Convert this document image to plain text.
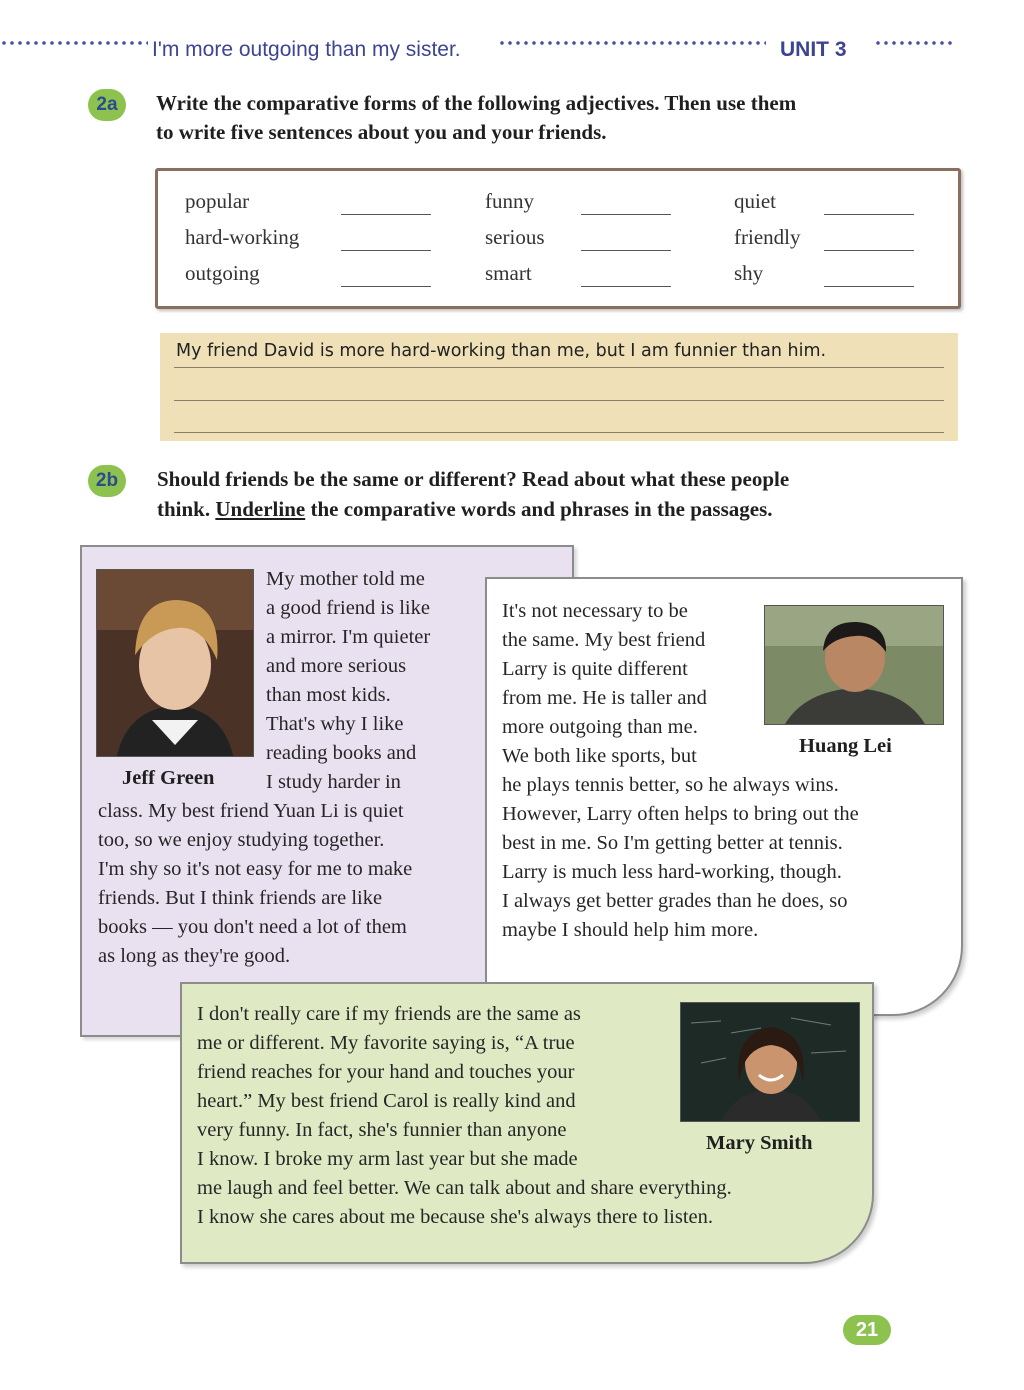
I'm more outgoing than my sister.	UNIT 3
2a	Write the comparative forms of the following adjectives. Then use them
to write five sentences about you and your friends.
popular	funny	quiet
hard-working	serious	friendly
outgoing	smart	shy
My friend David is more hard-working than me, but I am funnier than him.
2b	Should friends be the same or different? Read about what these people
think. Underline the comparative words and phrases in the passages.
Jeff Green
My mother told me
a good friend is like
a mirror. I'm quieter
and more serious
than most kids.
That's why I like
reading books and
I study harder in
class. My best friend Yuan Li is quiet
too, so we enjoy studying together.
I'm shy so it's not easy for me to make
friends. But I think friends are like
books — you don't need a lot of them
as long as they're good.
Huang Lei
It's not necessary to be
the same. My best friend
Larry is quite different
from me. He is taller and
more outgoing than me.
We both like sports, but
he plays tennis better, so he always wins.
However, Larry often helps to bring out the
best in me. So I'm getting better at tennis.
Larry is much less hard-working, though.
I always get better grades than he does, so
maybe I should help him more.
Mary Smith
I don't really care if my friends are the same as
me or different. My favorite saying is, “A true
friend reaches for your hand and touches your
heart.” My best friend Carol is really kind and
very funny. In fact, she's funnier than anyone
I know. I broke my arm last year but she made
me laugh and feel better. We can talk about and share everything.
I know she cares about me because she's always there to listen.
21
